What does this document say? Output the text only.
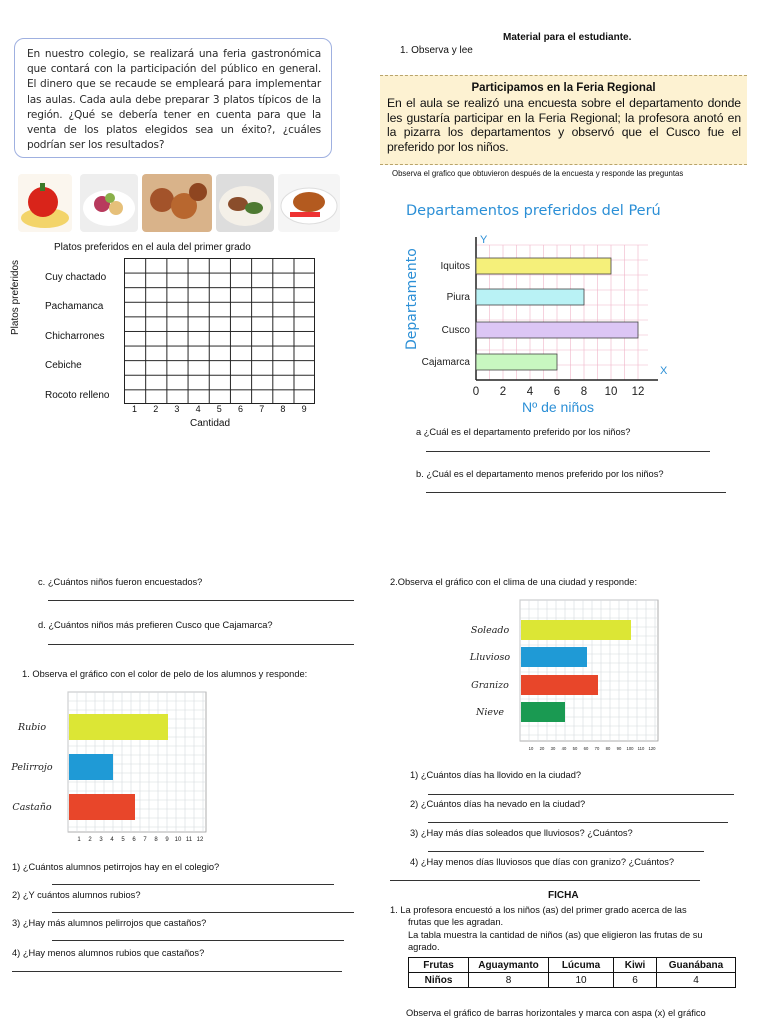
En nuestro colegio, se realizará una feria gastronómica que contará con la participación del público en general. El dinero que se recaude se empleará para implementar las aulas. Cada aula debe preparar 3 platos típicos de la región. ¿Qué se debería tener en cuenta para que la venta de los platos elegidos sea un éxito?, ¿cuáles podrían ser los resultados?
Platos preferidos en el aula del primer grado
Platos preferidos Cuy chactado
Pachamanca
Chicharrones
Cebiche
Rocoto relleno
1 2 3 4 5 6 7 8 9
Cantidad
Material para el estudiante.
1. Observa y lee
Participamos en la Feria Regional
En el aula se realizó una encuesta sobre el departamento donde les gustaría participar en la Feria Regional; la profesora anotó en la pizarra los departamentos y observó que el Cusco fue el preferido por los niños.
Observa el grafico que obtuvieron después de la encuesta y responde las preguntas
Departamentos preferidos del Perú
Departamento
Y
X
Iquitos
Piura
Cusco
Cajamarca
0 2 4 6 8 10 12
Nº de niños
a ¿Cuál es el departamento preferido por los niños?
b. ¿Cuál es el departamento menos preferido por los niños?
c. ¿Cuántos niños fueron encuestados?
d. ¿Cuántos niños más prefieren Cusco que Cajamarca?
1. Observa el gráfico con el color de pelo de los alumnos y responde:
Rubio
Pelirrojo
Castaño
1 2 3 4 5 6 7 8 9 10 11 12
1) ¿Cuántos alumnos petirrojos hay en el colegio?
2) ¿Y cuántos alumnos rubios?
3) ¿Hay más alumnos pelirrojos que castaños?
4) ¿Hay menos alumnos rubios que castaños?
2.Observa el gráfico con el clima de una ciudad y responde:
Soleado
Lluvioso
Granizo
Nieve
10 20 30 40 50 60 70 80 90 100 110 120
1) ¿Cuántos días ha llovido en la ciudad?
2) ¿Cuántos días ha nevado en la ciudad?
3) ¿Hay más días soleados que lluviosos? ¿Cuántos?
4) ¿Hay menos días lluviosos que días con granizo? ¿Cuántos?
FICHA
1. La profesora encuestó a los niños (as) del primer grado acerca de las
frutas que les agradan.
La tabla muestra la cantidad de niños (as) que eligieron las frutas de su
agrado.
Frutas	Aguaymanto	Lúcuma	Kiwi	Guanábana
Niños	8	10	6	4
Observa el gráfico de barras horizontales y marca con aspa (x) el gráfico
